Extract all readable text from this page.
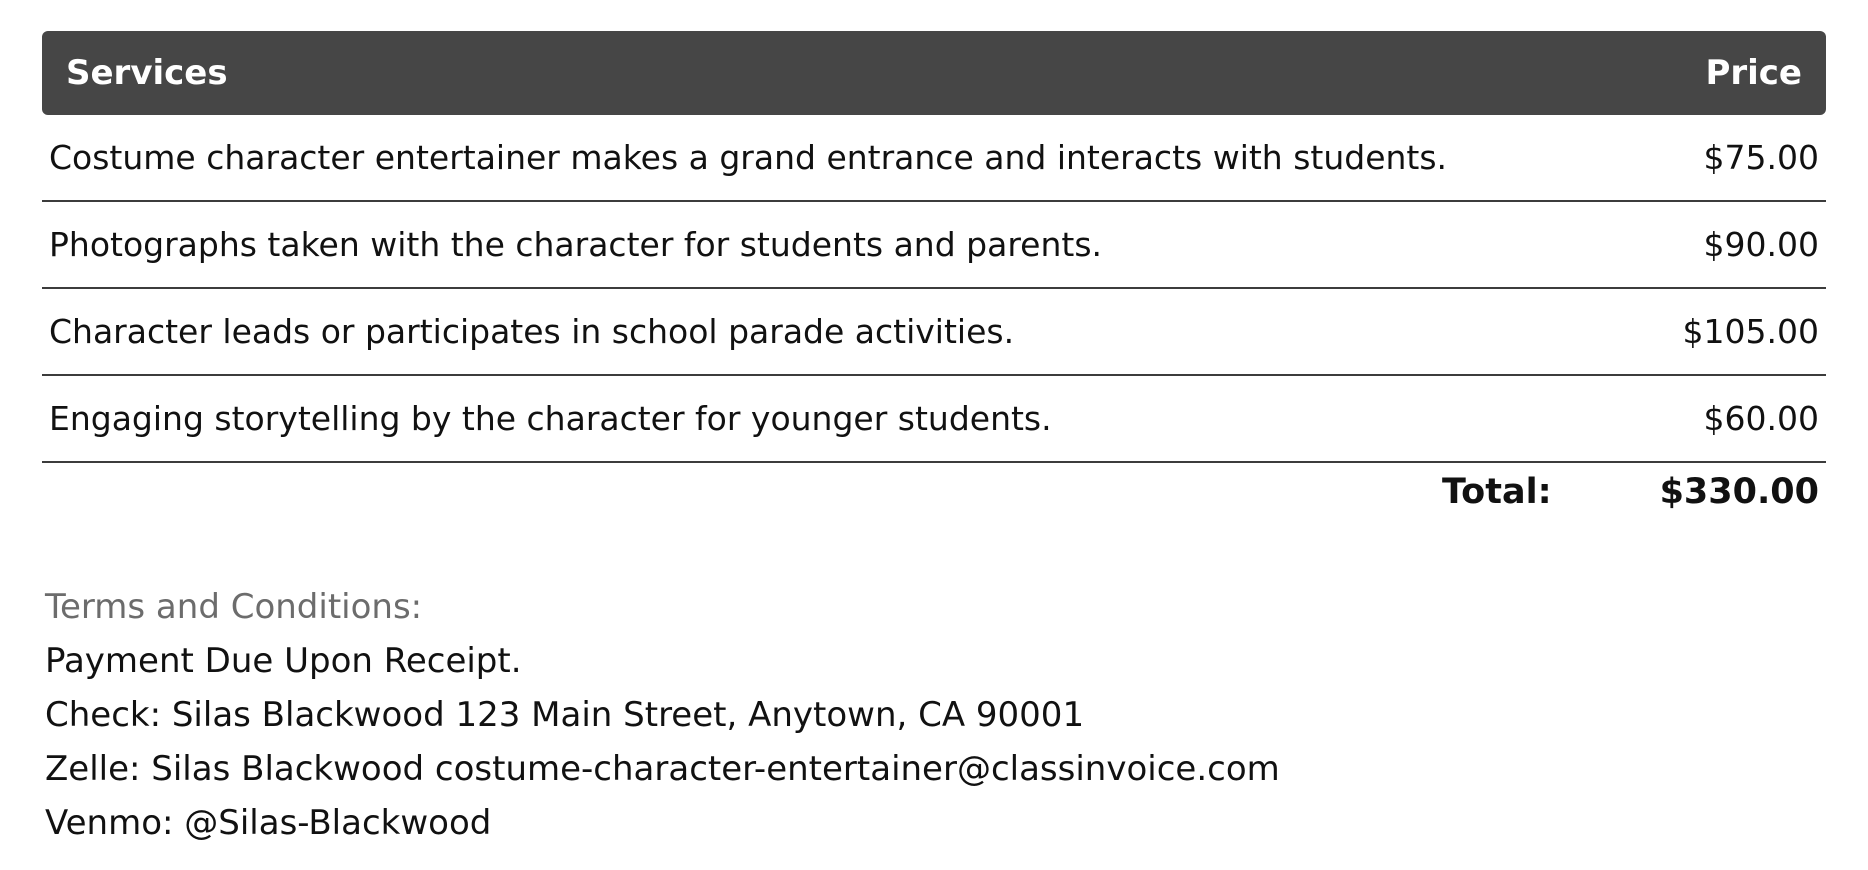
Services	Price
Costume character entertainer makes a grand entrance and interacts with students.	$75.00
Photographs taken with the character for students and parents.	$90.00
Character leads or participates in school parade activities.	$105.00
Engaging storytelling by the character for younger students.	$60.00
Total:	$330.00
Terms and Conditions:
Payment Due Upon Receipt.
Check: Silas Blackwood 123 Main Street, Anytown, CA 90001
Zelle: Silas Blackwood costume-character-entertainer@classinvoice.com
Venmo: @Silas-Blackwood
